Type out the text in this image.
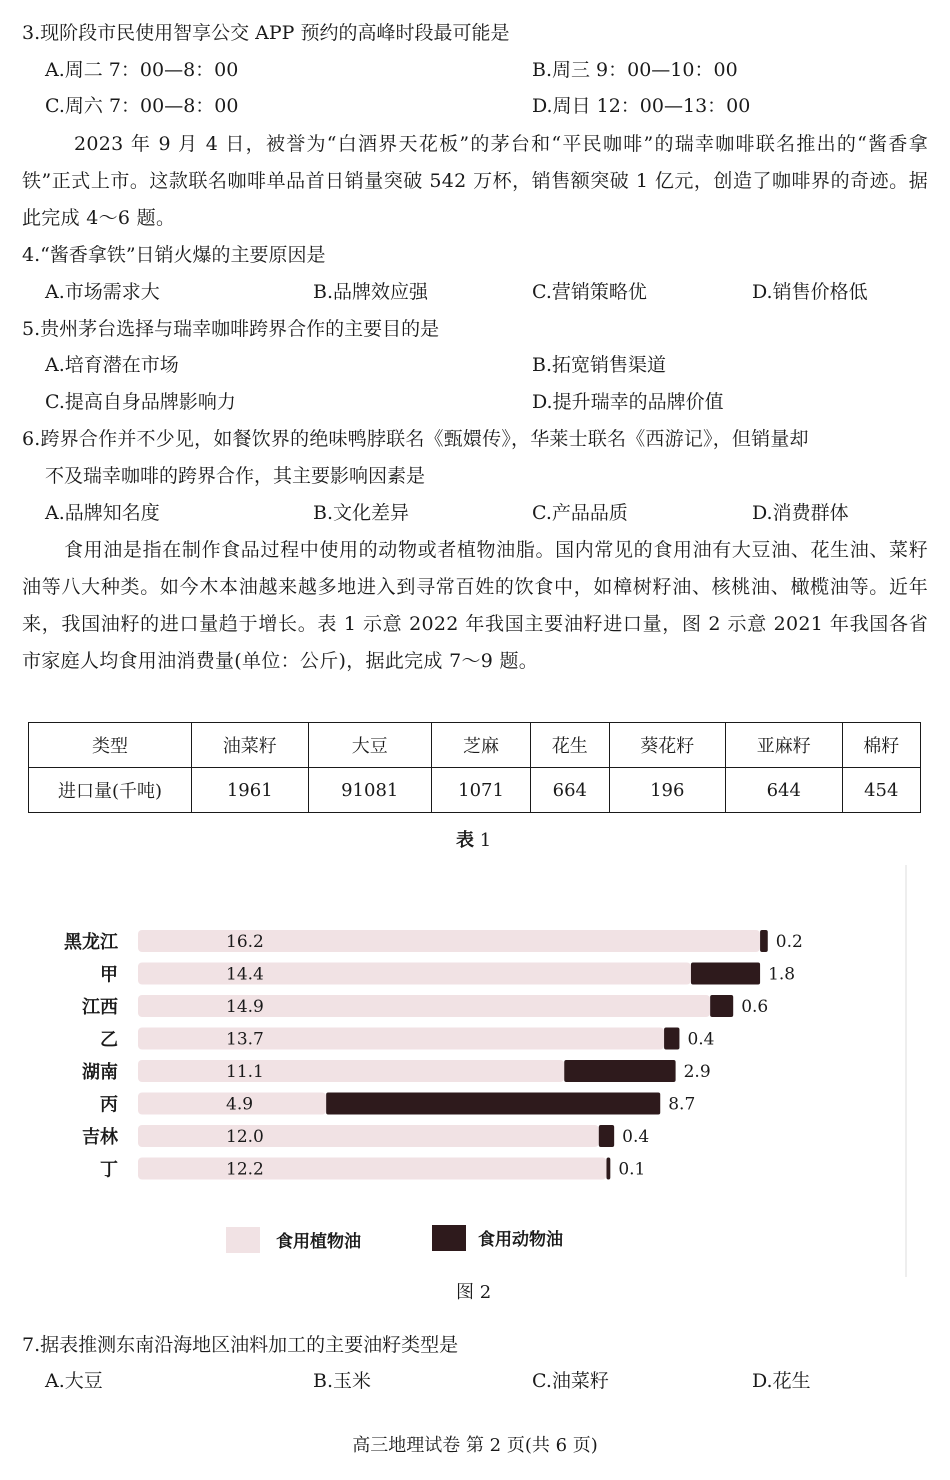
3.现阶段市民使用智享公交 APP 预约的高峰时段最可能是
A.周二 7：00—8：00	B.周三 9：00—10：00
C.周六 7：00—8：00	D.周日 12：00—13：00
2023 年 9 月 4 日，被誉为“白酒界天花板”的茅台和“平民咖啡”的瑞幸咖啡联名推出的“酱香拿铁”正式上市。这款联名咖啡单品首日销量突破 542 万杯，销售额突破 1 亿元，创造了咖啡界的奇迹。据此完成 4～6 题。
4.“酱香拿铁”日销火爆的主要原因是
A.市场需求大	B.品牌效应强	C.营销策略优	D.销售价格低
5.贵州茅台选择与瑞幸咖啡跨界合作的主要目的是
A.培育潜在市场	B.拓宽销售渠道
C.提高自身品牌影响力	D.提升瑞幸的品牌价值
6.跨界合作并不少见，如餐饮界的绝味鸭脖联名《甄嬛传》，华莱士联名《西游记》，但销量却
不及瑞幸咖啡的跨界合作，其主要影响因素是
A.品牌知名度	B.文化差异	C.产品品质	D.消费群体
食用油是指在制作食品过程中使用的动物或者植物油脂。国内常见的食用油有大豆油、花生油、菜籽油等八大种类。如今木本油越来越多地进入到寻常百姓的饮食中，如樟树籽油、核桃油、橄榄油等。近年来，我国油籽的进口量趋于增长。表 1 示意 2022 年我国主要油籽进口量，图 2 示意 2021 年我国各省市家庭人均食用油消费量(单位：公斤)，据此完成 7～9 题。
类型	油菜籽	大豆	芝麻	花生	葵花籽	亚麻籽	棉籽
进口量(千吨)	1961	91081	1071	664	196	644	454
表 1
黑龙江	16.2	0.2
甲	14.4	1.8
江西	14.9	0.6
乙	13.7	0.4
湖南	11.1	2.9
丙	4.9	8.7
吉林	12.0	0.4
丁	12.2	0.1
食用植物油	食用动物油
图 2
7.据表推测东南沿海地区油料加工的主要油籽类型是
A.大豆	B.玉米	C.油菜籽	D.花生
高三地理试卷 第 2 页(共 6 页)
